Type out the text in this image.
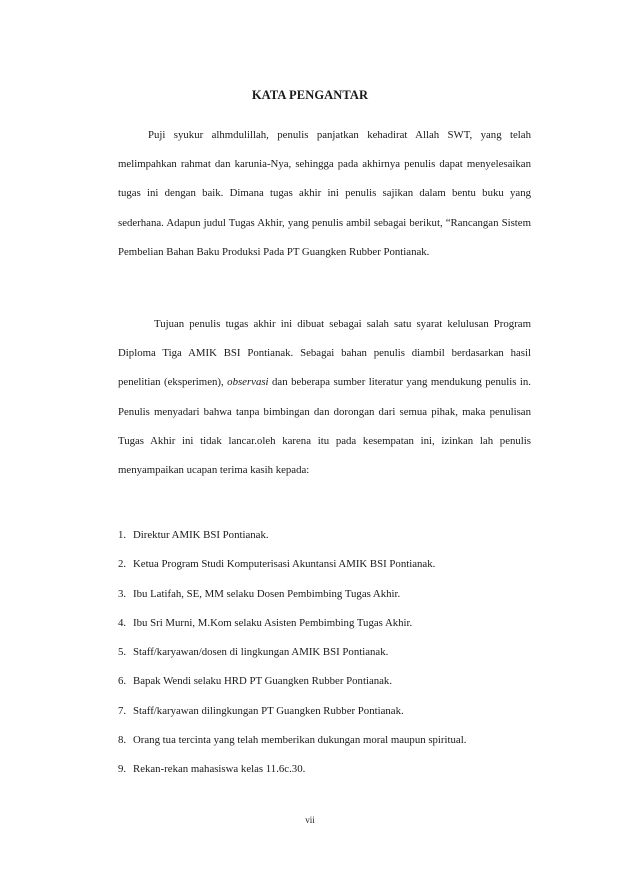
KATA PENGANTAR
Puji syukur alhmdulillah, penulis panjatkan kehadirat Allah SWT, yang telah melimpahkan rahmat dan karunia-Nya, sehingga pada akhirnya penulis dapat menyelesaikan tugas ini dengan baik. Dimana tugas akhir ini penulis sajikan dalam bentu buku yang sederhana. Adapun judul Tugas Akhir, yang penulis ambil sebagai berikut, “Rancangan Sistem Pembelian Bahan Baku Produksi Pada PT Guangken Rubber Pontianak.
Tujuan penulis tugas akhir ini dibuat sebagai salah satu syarat kelulusan Program Diploma Tiga AMIK BSI Pontianak. Sebagai bahan penulis diambil berdasarkan hasil penelitian (eksperimen), observasi dan beberapa sumber literatur yang mendukung penulis in. Penulis menyadari bahwa tanpa bimbingan dan dorongan dari semua pihak, maka penulisan Tugas Akhir ini tidak lancar.oleh karena itu pada kesempatan ini, izinkan lah penulis menyampaikan ucapan terima kasih kepada:
1. Direktur AMIK BSI Pontianak.
2. Ketua Program Studi Komputerisasi Akuntansi AMIK BSI Pontianak.
3. Ibu Latifah, SE, MM selaku Dosen Pembimbing Tugas Akhir.
4. Ibu Sri Murni, M.Kom selaku Asisten Pembimbing Tugas Akhir.
5. Staff/karyawan/dosen di lingkungan AMIK BSI Pontianak.
6. Bapak Wendi selaku HRD PT Guangken Rubber Pontianak.
7. Staff/karyawan dilingkungan PT Guangken Rubber Pontianak.
8. Orang tua tercinta yang telah memberikan dukungan moral maupun spiritual.
9. Rekan-rekan mahasiswa kelas 11.6c.30.
vii
